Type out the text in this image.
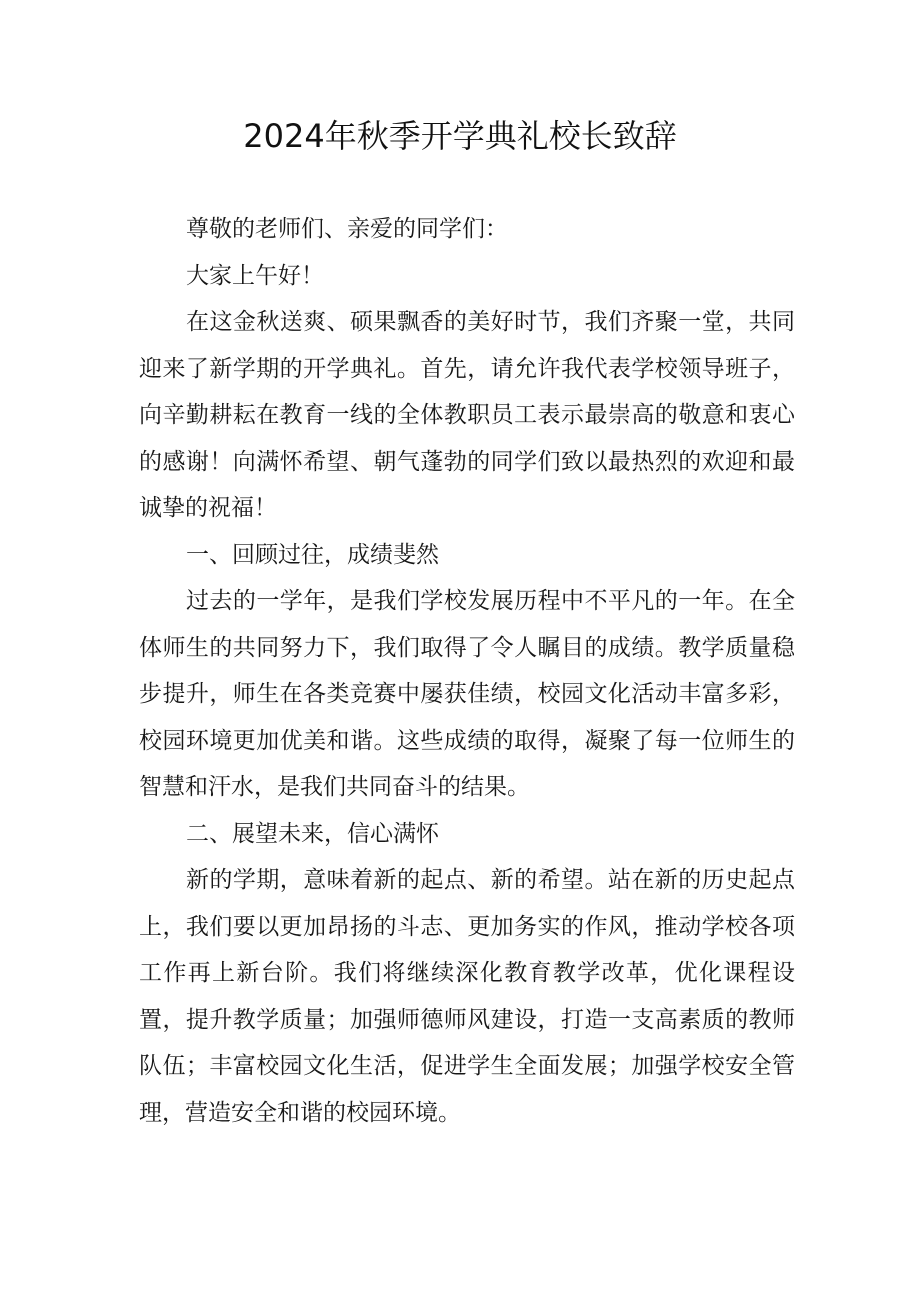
2024年秋季开学典礼校长致辞

尊敬的老师们、亲爱的同学们：

大家上午好！

在这金秋送爽、硕果飘香的美好时节，我们齐聚一堂，共同迎来了新学期的开学典礼。首先，请允许我代表学校领导班子，向辛勤耕耘在教育一线的全体教职员工表示最崇高的敬意和衷心的感谢！向满怀希望、朝气蓬勃的同学们致以最热烈的欢迎和最诚挚的祝福！

一、回顾过往，成绩斐然

过去的一学年，是我们学校发展历程中不平凡的一年。在全体师生的共同努力下，我们取得了令人瞩目的成绩。教学质量稳步提升，师生在各类竞赛中屡获佳绩，校园文化活动丰富多彩，校园环境更加优美和谐。这些成绩的取得，凝聚了每一位师生的智慧和汗水，是我们共同奋斗的结果。

二、展望未来，信心满怀

新的学期，意味着新的起点、新的希望。站在新的历史起点上，我们要以更加昂扬的斗志、更加务实的作风，推动学校各项工作再上新台阶。我们将继续深化教育教学改革，优化课程设置，提升教学质量；加强师德师风建设，打造一支高素质的教师队伍；丰富校园文化生活，促进学生全面发展；加强学校安全管理，营造安全和谐的校园环境。
